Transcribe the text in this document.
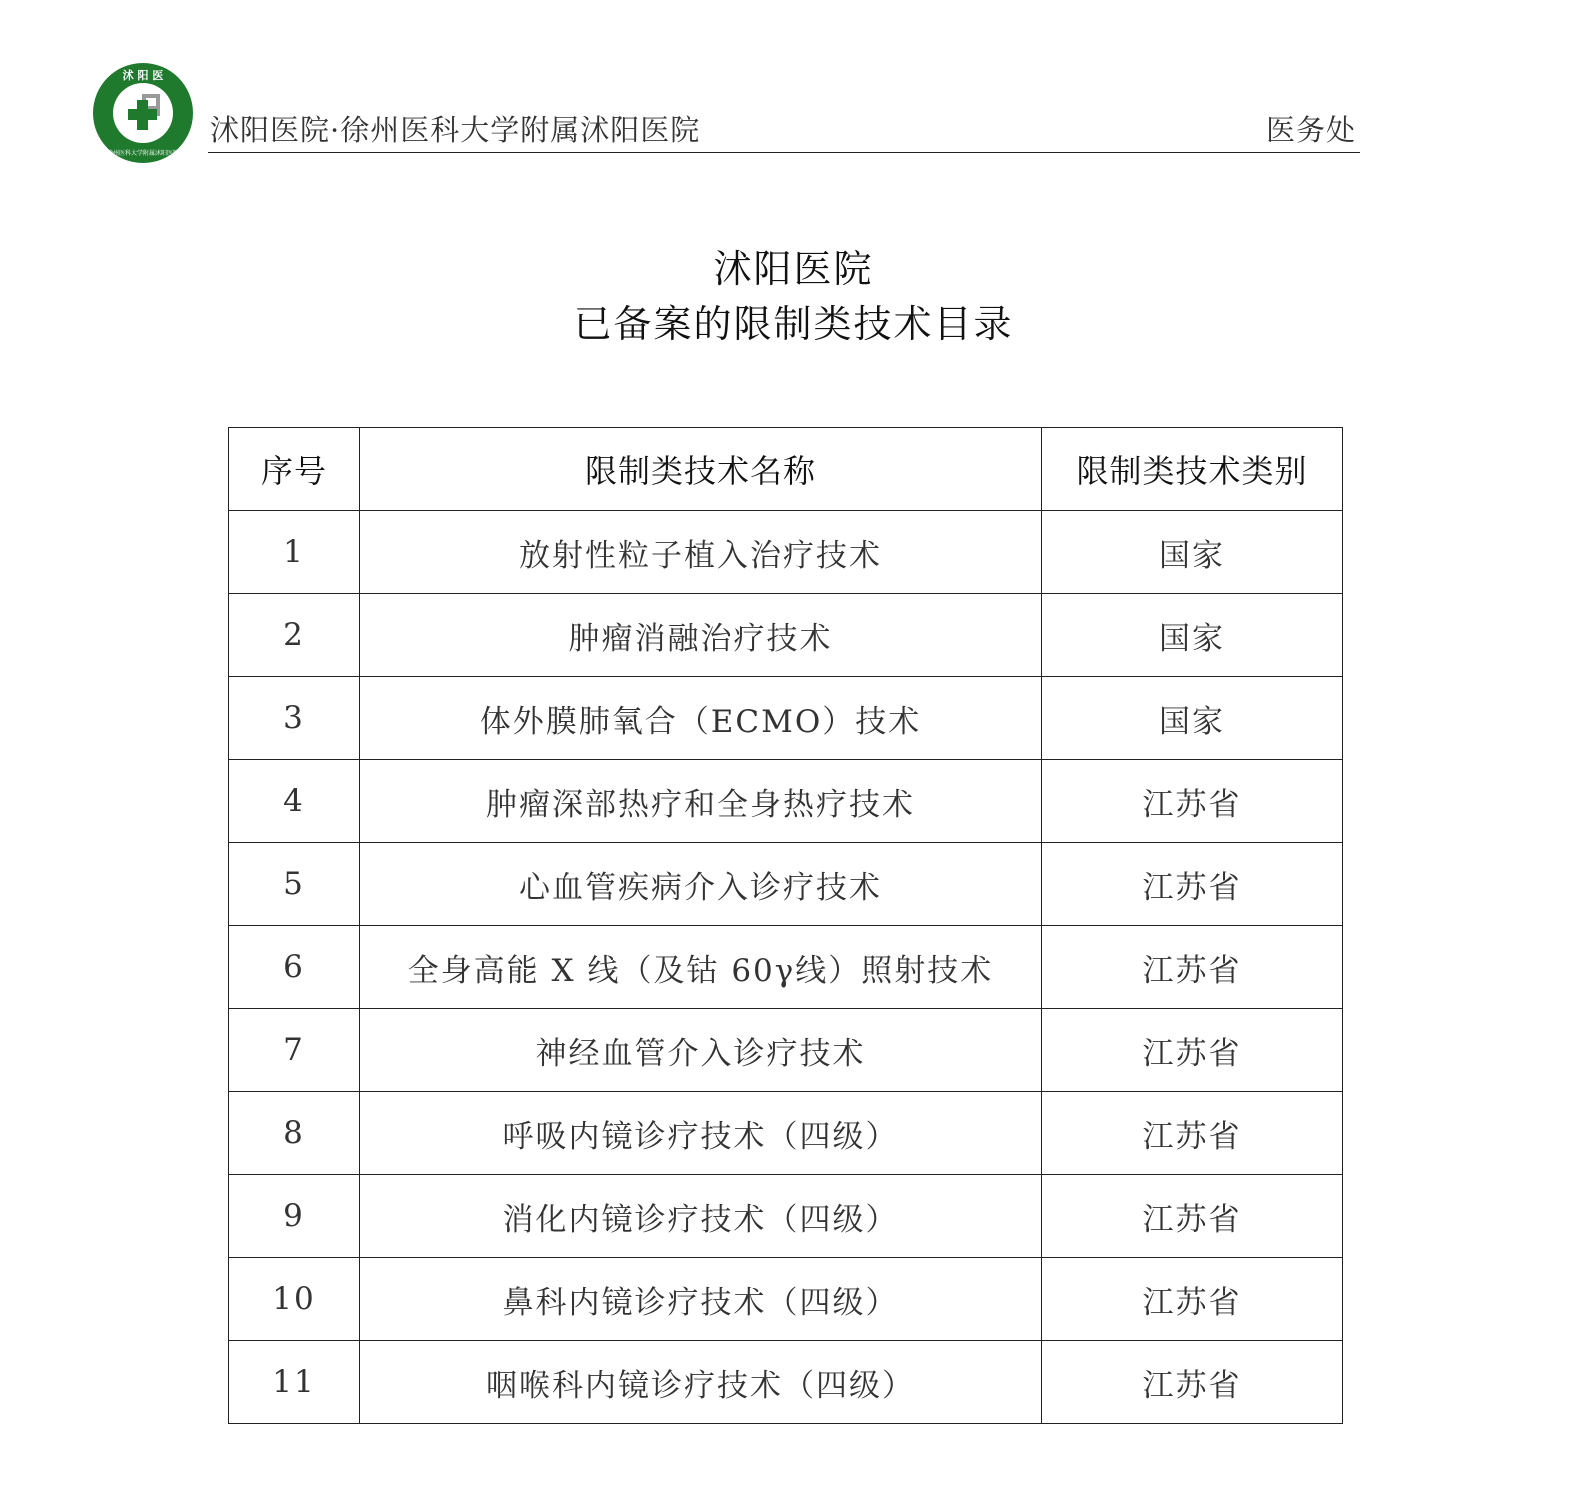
沭 阳 医
徐州医科大学附属沭阳医院
沭阳医院·徐州医科大学附属沭阳医院	医务处
沭阳医院
已备案的限制类技术目录
序号	限制类技术名称	限制类技术类别
1	放射性粒子植入治疗技术	国家
2	肿瘤消融治疗技术	国家
3	体外膜肺氧合（ECMO）技术	国家
4	肿瘤深部热疗和全身热疗技术	江苏省
5	心血管疾病介入诊疗技术	江苏省
6	全身高能 X 线（及钴 60γ线）照射技术	江苏省
7	神经血管介入诊疗技术	江苏省
8	呼吸内镜诊疗技术（四级）	江苏省
9	消化内镜诊疗技术（四级）	江苏省
10	鼻科内镜诊疗技术（四级）	江苏省
11	咽喉科内镜诊疗技术（四级）	江苏省
